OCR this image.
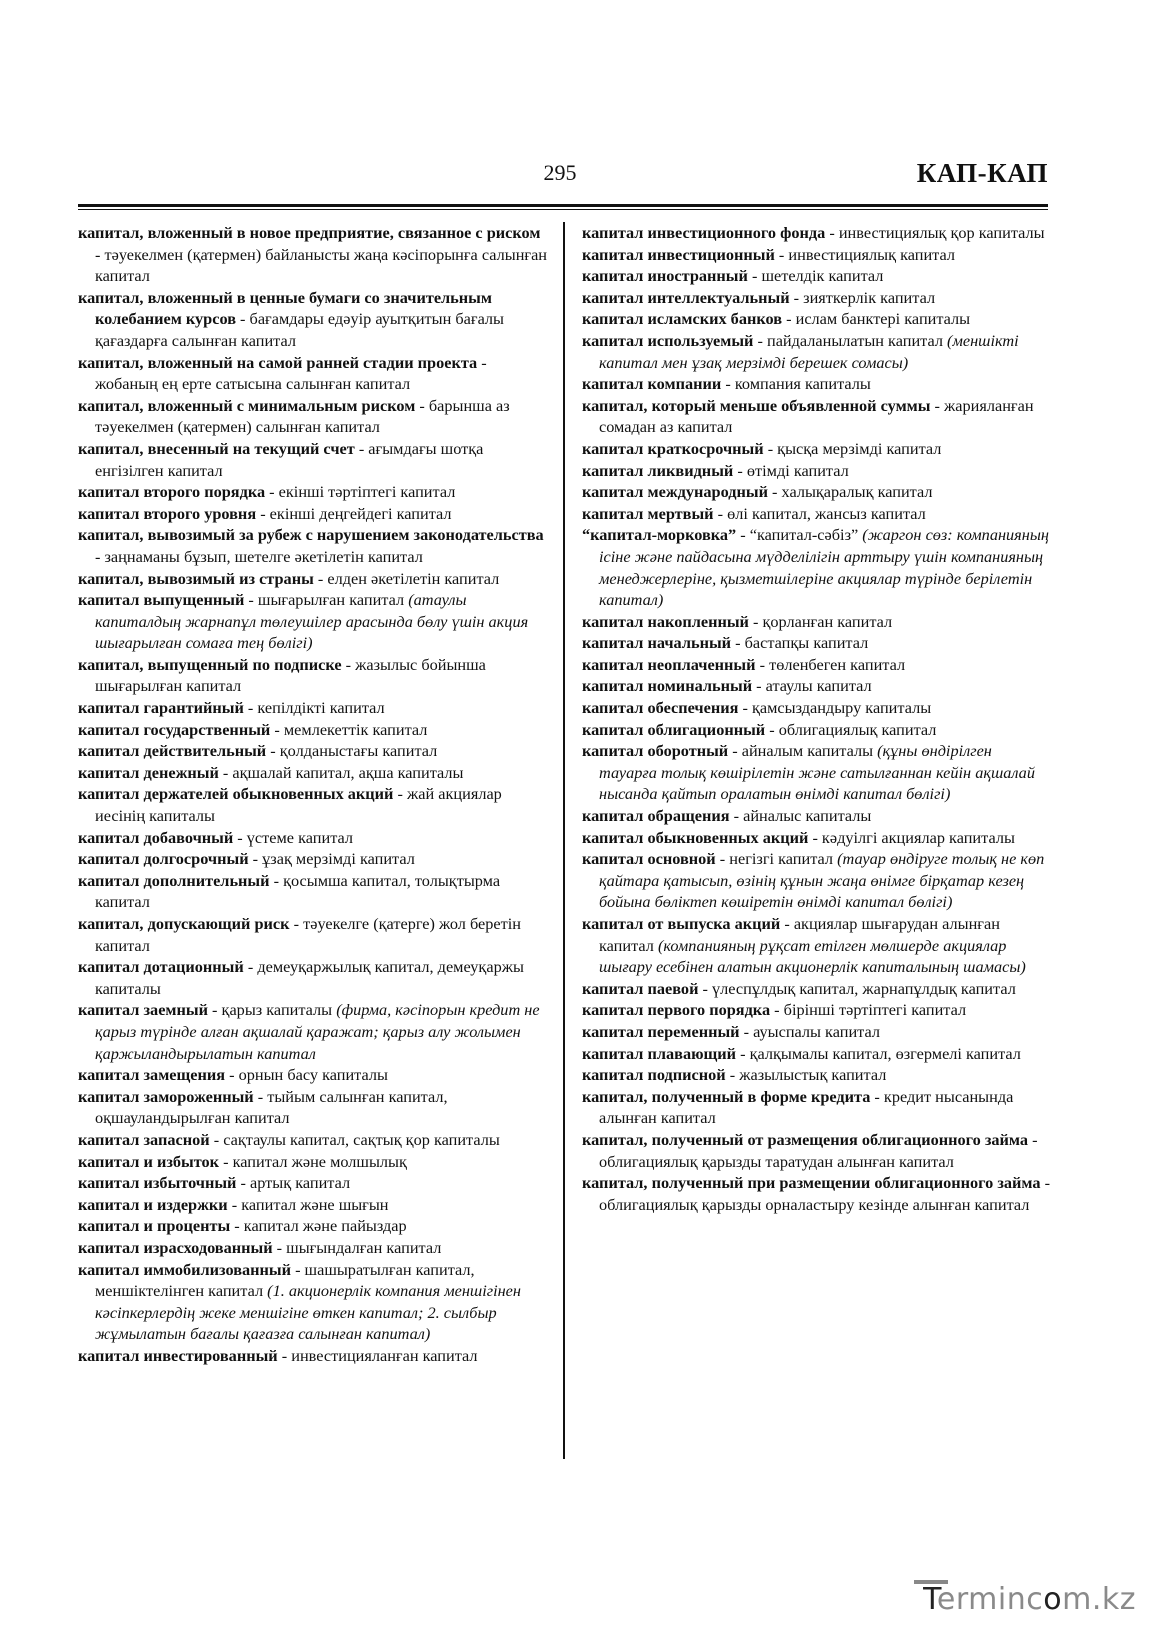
295	КАП-КАП

капитал, вложенный в новое предприятие, связанное с риском - тәуекелмен (қатермен) байланысты жаңа кәсіпорынға салынған капитал

капитал, вложенный в ценные бумаги со значительным колебанием курсов - бағамдары едәуір ауытқитын бағалы қағаздарға салынған капитал

капитал, вложенный на самой ранней стадии проекта - жобаның ең ерте сатысына салынған капитал

капитал, вложенный с минимальным риском - барынша аз тәуекелмен (қатермен) салынған капитал

капитал, внесенный на текущий счет - ағымдағы шотқа енгізілген капитал

капитал второго порядка - екінші тәртіптегі капитал

капитал второго уровня - екінші деңгейдегі капитал

капитал, вывозимый за рубеж с нарушением законодательства - заңнаманы бұзып, шетелге әкетілетін капитал

капитал, вывозимый из страны - елден әкетілетін капитал

капитал выпущенный - шығарылған капитал (атаулы капиталдың жарнапұл төлеушілер арасында бөлу үшін акция шығарылған сомаға тең бөлігі)

капитал, выпущенный по подписке - жазылыс бойынша шығарылған капитал

капитал гарантийный - кепілдікті капитал

капитал государственный - мемлекеттік капитал

капитал действительный - қолданыстағы капитал

капитал денежный - ақшалай капитал, ақша капиталы

капитал держателей обыкновенных акций - жай акциялар иесінің капиталы

капитал добавочный - үстеме капитал

капитал долгосрочный - ұзақ мерзімді капитал

капитал дополнительный - қосымша капитал, толықтырма капитал

капитал, допускающий риск - тәуекелге (қатерге) жол беретін капитал

капитал дотационный - демеуқаржылық капитал, демеуқаржы капиталы

капитал заемный - қарыз капиталы (фирма, кәсіпорын кредит не қарыз түрінде алған ақшалай қаражат; қарыз алу жолымен қаржыландырылатын капитал

капитал замещения - орнын басу капиталы

капитал замороженный - тыйым салынған капитал, оқшауландырылған капитал

капитал запасной - сақтаулы капитал, сақтық қор капиталы

капитал и избыток - капитал және молшылық

капитал избыточный - артық капитал

капитал и издержки - капитал және шығын

капитал и проценты - капитал және пайыздар

капитал израсходованный - шығындалған капитал

капитал иммобилизованный - шашыратылған капитал, меншіктелінген капитал (1. акционерлік компания меншігінен кәсіпкерлердің жеке меншігіне өткен капитал; 2. сылбыр жұмылатын бағалы қағазға салынған капитал)

капитал инвестированный - инвестицияланған капитал

капитал инвестиционного фонда - инвестициялық қор капиталы

капитал инвестиционный - инвестициялық капитал

капитал иностранный - шетелдік капитал

капитал интеллектуальный - зияткерлік капитал

капитал исламских банков - ислам банктері капиталы

капитал используемый - пайдаланылатын капитал (меншікті капитал мен ұзақ мерзімді берешек сомасы)

капитал компании - компания капиталы

капитал, который меньше объявленной суммы - жарияланған сомадан аз капитал

капитал краткосрочный - қысқа мерзімді капитал

капитал ликвидный - өтімді капитал

капитал международный - халықаралық капитал

капитал мертвый - өлі капитал, жансыз капитал

“капитал-морковка” - “капитал-сәбіз” (жаргон сөз: компанияның ісіне және пайдасына мүдделілігін арттыру үшін компанияның менеджерлеріне, қызметшілеріне акциялар түрінде берілетін капитал)

капитал накопленный - қорланған капитал

капитал начальный - бастапқы капитал

капитал неоплаченный - төленбеген капитал

капитал номинальный - атаулы капитал

капитал обеспечения - қамсыздандыру капиталы

капитал облигационный - облигациялық капитал

капитал оборотный - айналым капиталы (құны өндірілген тауарға толық көшірілетін және сатылғаннан кейін ақшалай нысанда қайтып оралатын өнімді капитал бөлігі)

капитал обращения - айналыс капиталы

капитал обыкновенных акций - кәдуілгі акциялар капиталы

капитал основной - негізгі капитал (тауар өндіруге толық не көп қайтара қатысып, өзінің құнын жаңа өнімге бірқатар кезең бойына бөліктеп көшіретін өнімді капитал бөлігі)

капитал от выпуска акций - акциялар шығарудан алынған капитал (компанияның рұқсат етілген мөлшерде акциялар шығару есебінен алатын акционерлік капиталының шамасы)

капитал паевой - үлеспұлдық капитал, жарнапұлдық капитал

капитал первого порядка - бірінші тәртіптегі капитал

капитал переменный - ауыспалы капитал

капитал плавающий - қалқымалы капитал, өзгермелі капитал

капитал подписной - жазылыстық капитал

капитал, полученный в форме кредита - кредит нысанында алынған капитал

капитал, полученный от размещения облигационного займа - облигациялық қарызды таратудан алынған капитал

капитал, полученный при размещении облигационного займа - облигациялық қарызды орналастыру кезінде алынған капитал

Termincom.kz
